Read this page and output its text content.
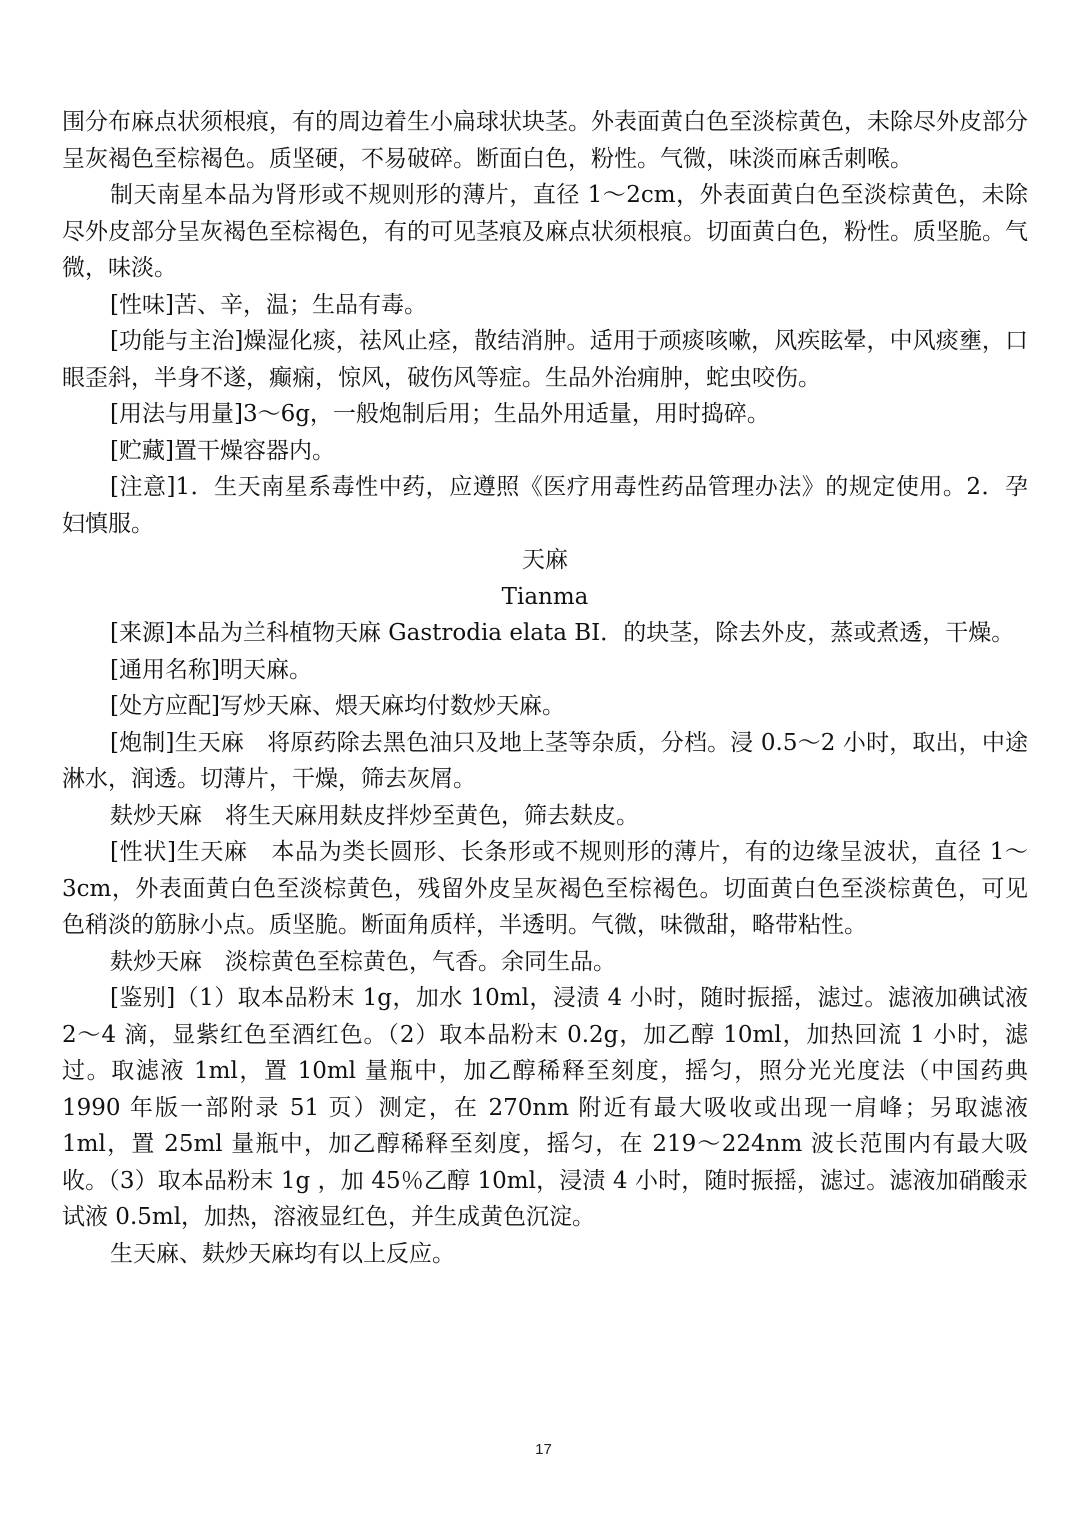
围分布麻点状须根痕，有的周边着生小扁球状块茎。外表面黄白色至淡棕黄色，未除尽外皮部分呈灰褐色至棕褐色。质坚硬，不易破碎。断面白色，粉性。气微，味淡而麻舌刺喉。

制天南星本品为肾形或不规则形的薄片，直径 1～2cm，外表面黄白色至淡棕黄色，未除尽外皮部分呈灰褐色至棕褐色，有的可见茎痕及麻点状须根痕。切面黄白色，粉性。质坚脆。气微，味淡。

[性味]苦、辛，温；生品有毒。

[功能与主治]燥湿化痰，祛风止痉，散结消肿。适用于顽痰咳嗽，风疾眩晕，中风痰壅，口眼歪斜，半身不遂，癫痫，惊风，破伤风等症。生品外治痈肿，蛇虫咬伤。

[用法与用量]3～6g，一般炮制后用；生品外用适量，用时捣碎。

[贮藏]置干燥容器内。

[注意]1．生天南星系毒性中药，应遵照《医疗用毒性药品管理办法》的规定使用。2．孕妇慎服。

天麻

Tianma

[来源]本品为兰科植物天麻 Gastrodia elata BI．的块茎，除去外皮，蒸或煮透，干燥。

[通用名称]明天麻。

[处方应配]写炒天麻、煨天麻均付数炒天麻。

[炮制]生天麻　将原药除去黑色油只及地上茎等杂质，分档。浸 0.5～2 小时，取出，中途淋水，润透。切薄片，干燥，筛去灰屑。

麸炒天麻　将生天麻用麸皮拌炒至黄色，筛去麸皮。

[性状]生天麻　本品为类长圆形、长条形或不规则形的薄片，有的边缘呈波状，直径 1～3cm，外表面黄白色至淡棕黄色，残留外皮呈灰褐色至棕褐色。切面黄白色至淡棕黄色，可见色稍淡的筋脉小点。质坚脆。断面角质样，半透明。气微，味微甜，略带粘性。

麸炒天麻　淡棕黄色至棕黄色，气香。余同生品。

[鉴别]（1）取本品粉末 1g，加水 10ml，浸渍 4 小时，随时振摇，滤过。滤液加碘试液 2～4 滴，显紫红色至酒红色。（2）取本品粉末 0.2g，加乙醇 10ml，加热回流 1 小时，滤过。取滤液 1ml，置 10ml 量瓶中，加乙醇稀释至刻度，摇匀，照分光光度法（中国药典 1990 年版一部附录 51 页）测定，在 270nm 附近有最大吸收或出现一肩峰；另取滤液 1ml，置 25ml 量瓶中，加乙醇稀释至刻度，摇匀，在 219～224nm 波长范围内有最大吸收。（3）取本品粉末 1g ，加 45％乙醇 10ml，浸渍 4 小时，随时振摇，滤过。滤液加硝酸汞试液 0.5ml，加热，溶液显红色，并生成黄色沉淀。

生天麻、麸炒天麻均有以上反应。

17
